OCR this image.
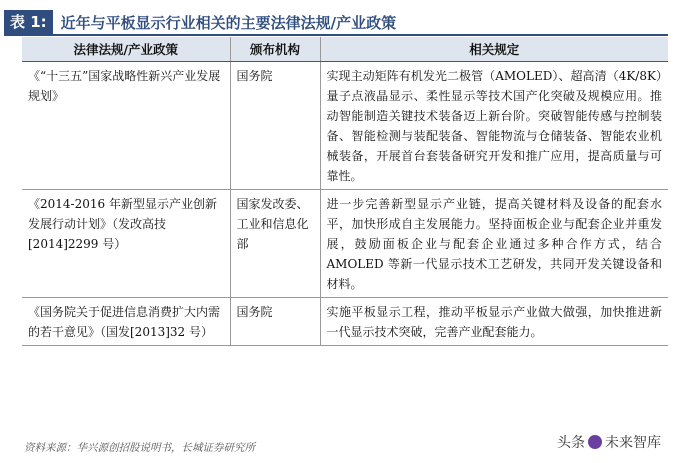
表 1: 近年与平板显示行业相关的主要法律法规/产业政策
法律法规/产业政策	颁布机构	相关规定
《“十三五”国家战略性新兴产业发展规划》	国务院	实现主动矩阵有机发光二极管（AMOLED）、超高清（4K/8K）量子点液晶显示、柔性显示等技术国产化突破及规模应用。推动智能制造关键技术装备迈上新台阶。突破智能传感与控制装备、智能检测与装配装备、智能物流与仓储装备、智能农业机械装备，开展首台套装备研究开发和推广应用，提高质量与可靠性。
《2014-2016 年新型显示产业创新发展行动计划》（发改高技[2014]2299 号）	国家发改委、工业和信息化部	进一步完善新型显示产业链，提高关键材料及设备的配套水平，加快形成自主发展能力。坚持面板企业与配套企业并重发展，鼓励面板企业与配套企业通过多种合作方式，结合 AMOLED 等新一代显示技术工艺研发，共同开发关键设备和材料。
《国务院关于促进信息消费扩大内需的若干意见》（国发[2013]32 号）	国务院	实施平板显示工程，推动平板显示产业做大做强，加快推进新一代显示技术突破，完善产业配套能力。
资料来源：华兴源创招股说明书，长城证券研究所	头条 未来智库
